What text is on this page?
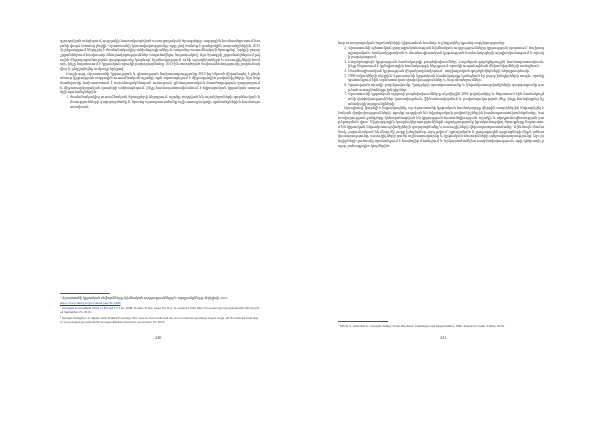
գյուղական տեղերում, ուղղակի հատակագծված ուսուցողական ծրագրերը, ազգային համատեքստում հայտնի փորձ առանց լեզվի: Վրաստանի կառավարությունը, որը լավ ծանոթ է ցանցային տարածքներին, 2012-ի ընթացքում ներդրել է ժամանակակից տեխնոլոգիաներ և առցանց ուսումնական ծրագրեր՝ երկրի բոլոր շրջաններում հավասար հնարավորություններ ապահովելու նպատակով: Այս ծրագրի շրջանակներում թվային մեթոդաբանության զարգացումը կարևոր նշանակություն ունի աշակերտների և ուսուցիչների համար, ինչը նպաստում է կրթական որակի բարձրացմանը: 2012-ին ստեղծված նախաձեռնությունը շարունակվեց և ընդլայնվեց ամբողջ երկրով:

Բացի այդ, Վրաստանի կրթության և գիտության նախարարությունը 2010-ից սկսած վերանայել է ընդհանուր կրթության ազգային ուսումնական պլանը, որն արտացոլում է միջազգային չափանիշները: Այս նոր մոտեցումը նախատեսում է ուսանողակենտրոն ուսուցում, քննադատական մտածողության զարգացում և միջառարկայական կապերի ամրապնդում, ինչը համապատասխանում է եվրոպական կրթական տարածքի պահանջներին:

1. ժամանակակից ուսումնական ծրագրերի ներդրում, որոնք ուղղված են աշակերտների գործնական հմտությունների զարգացմանը և նրանց պատրաստմանը աշխատաշուկայի պահանջներին համապատասխան:

¹ Վրաստանի կրթական ռեֆորմները, հիմնական ուղղությունները և արդյունքները, Թբիլիսի, 2015:

https://www.mes.gov.ge/content.php?id=1690

² Georgian Government Work of Ed and TV Law 2008; Kvemo Today, Issue No. 8, p. 4, retrieved from http://www.mes.gov.ge/uploads/file/reform.pdf on September 25, 2016.

³ Georgia Straight to Compete with Turkish Economy. Nov was ex. free trade deal has not resolved in promised export surge, 2016 retrieved from https://www.export.gov/article?id=Georgia-Market-Overview on October 19, 2016.

240

նոր ուսուցողական եղանակների կիրառման համար և ընդլայնել դրանց ազդեցությունը:

2. Վրաստանի պետական քաղաքականության հիմնական ուղղությունները կրթության ոլորտում՝ նախադպրոցական, հանրակրթական և մասնագիտական կրթության համակարգերի արդիականացում և որակի բարձրացում:
3. Բարձրագույն կրթության համակարգի բարեփոխումներ՝ Բոլոնյան գործընթացին համապատասխան, ինչը ներառում է կրեդիտային համակարգի ներդրում, որակի ապահովման մեխանիզմների ստեղծում:
4. Մասնագիտական կրթության վերակազմավորում՝ սոցիալական գործընկերների ներգրավմամբ:
5. 1990-ականների սկզբին Վրաստանի կրթական համակարգը կանգնած էր լուրջ խնդիրների առջև, որոնք պահանջում էին արմատական փոփոխություններ և նոր մոտեցումներ:
6. Կրթության որակի բարելավումը, կադրերի պատրաստումը և ենթակառուցվածքների զարգացումը դարձան առաջնահերթ խնդիրներ:
7. Վրաստանի կրթական ոլորտի բարեփոխումները սկսվեցին 2004 թվականից և ներառում էին համակողմանի փոփոխություններ կառավարման, ֆինանսավորման և բովանդակության մեջ, ինչը հանգեցրեց նշանակալի արդյունքների:

Այսպիսով, կարելի է եզրակացնել, որ Վրաստանի կրթական համակարգը վերջին տարիներին ենթարկվել է էական փոփոխությունների, որոնք ուղղված են եվրոպական չափանիշներին համապատասխանեցմանը: Կառավարության ջանքերը կենտրոնացված են կրթության հասանելիության, որակի և արդյունավետության բարձրացման վրա: Միջազգային կազմակերպությունների աջակցությամբ իրականացվող ծրագրերը նպաստում են կրթական ենթակառուցվածքների զարգացմանը և ուսուցիչների վերապատրաստմանը: Միևնույն ժամանակ, շարունակում են մնալ մի շարք խնդիրներ, այդ թվում՝ գյուղական և քաղաքային դպրոցների միջև անհավասարությունը, ուսուցիչների ցածր աշխատավարձը և կրթական ռեսուրսների անբավարարությունը: Այս խնդիրների լուծումը պահանջում է համալիր մոտեցում և երկարաժամկետ ռազմավարություն, որը կներառի բոլոր շահագրգիռ կողմերին:

¹ Yalcin S., Adiloleli G., Georgia-Turkey Trade Relations: Challenges and Opportunities, PMC Research Center, Tbilisi, 2016.

241
